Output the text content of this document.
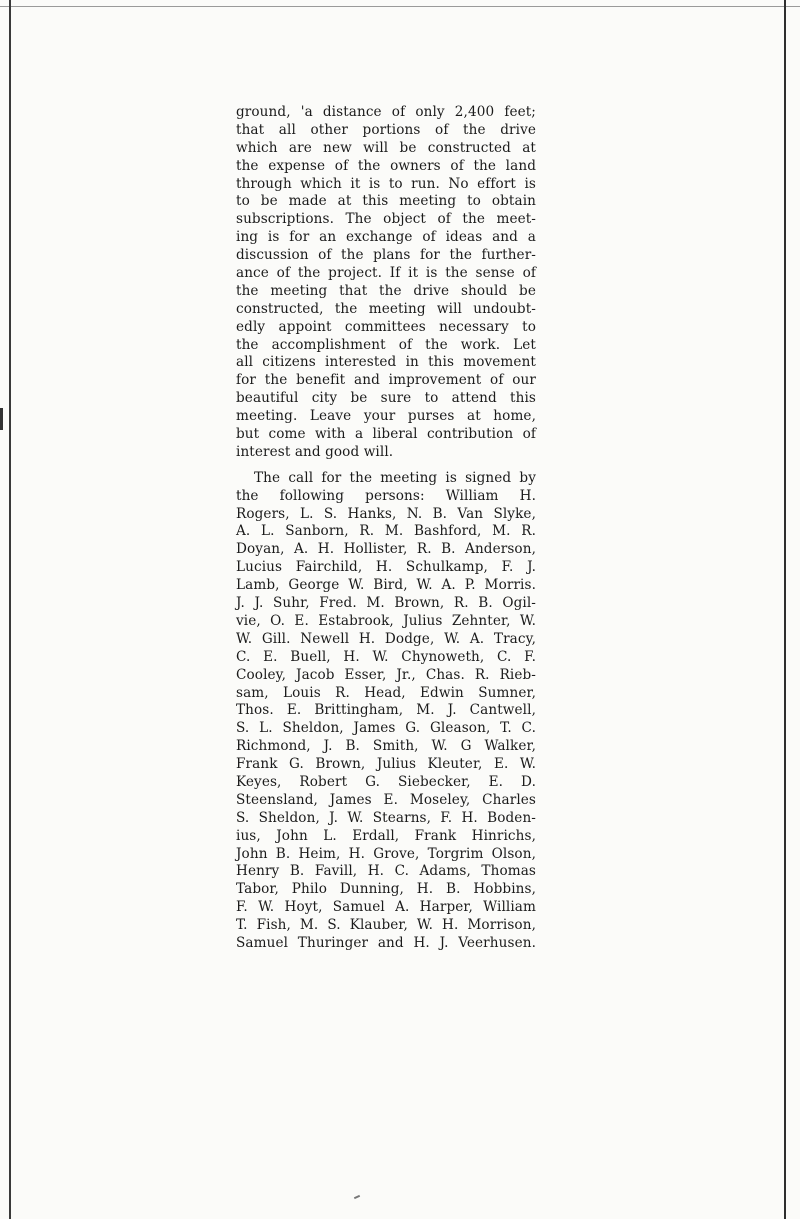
ground, 'a distance of only 2,400 feet;
that all other portions of the drive
which are new will be constructed at
the expense of the owners of the land
through which it is to run. No effort is
to be made at this meeting to obtain
subscriptions. The object of the meet-
ing is for an exchange of ideas and a
discussion of the plans for the further-
ance of the project. If it is the sense of
the meeting that the drive should be
constructed, the meeting will undoubt-
edly appoint committees necessary to
the accomplishment of the work. Let
all citizens interested in this movement
for the benefit and improvement of our
beautiful city be sure to attend this
meeting. Leave your purses at home,
but come with a liberal contribution of
interest and good will.
The call for the meeting is signed by
the following persons: William H.
Rogers, L. S. Hanks, N. B. Van Slyke,
A. L. Sanborn, R. M. Bashford, M. R.
Doyan, A. H. Hollister, R. B. Anderson,
Lucius Fairchild, H. Schulkamp, F. J.
Lamb, George W. Bird, W. A. P. Morris.
J. J. Suhr, Fred. M. Brown, R. B. Ogil-
vie, O. E. Estabrook, Julius Zehnter, W.
W. Gill. Newell H. Dodge, W. A. Tracy,
C. E. Buell, H. W. Chynoweth, C. F.
Cooley, Jacob Esser, Jr., Chas. R. Rieb-
sam, Louis R. Head, Edwin Sumner,
Thos. E. Brittingham, M. J. Cantwell,
S. L. Sheldon, James G. Gleason, T. C.
Richmond, J. B. Smith, W. G Walker,
Frank G. Brown, Julius Kleuter, E. W.
Keyes, Robert G. Siebecker, E. D.
Steensland, James E. Moseley, Charles
S. Sheldon, J. W. Stearns, F. H. Boden-
ius, John L. Erdall, Frank Hinrichs,
John B. Heim, H. Grove, Torgrim Olson,
Henry B. Favill, H. C. Adams, Thomas
Tabor, Philo Dunning, H. B. Hobbins,
F. W. Hoyt, Samuel A. Harper, William
T. Fish, M. S. Klauber, W. H. Morrison,
Samuel Thuringer and H. J. Veerhusen.
